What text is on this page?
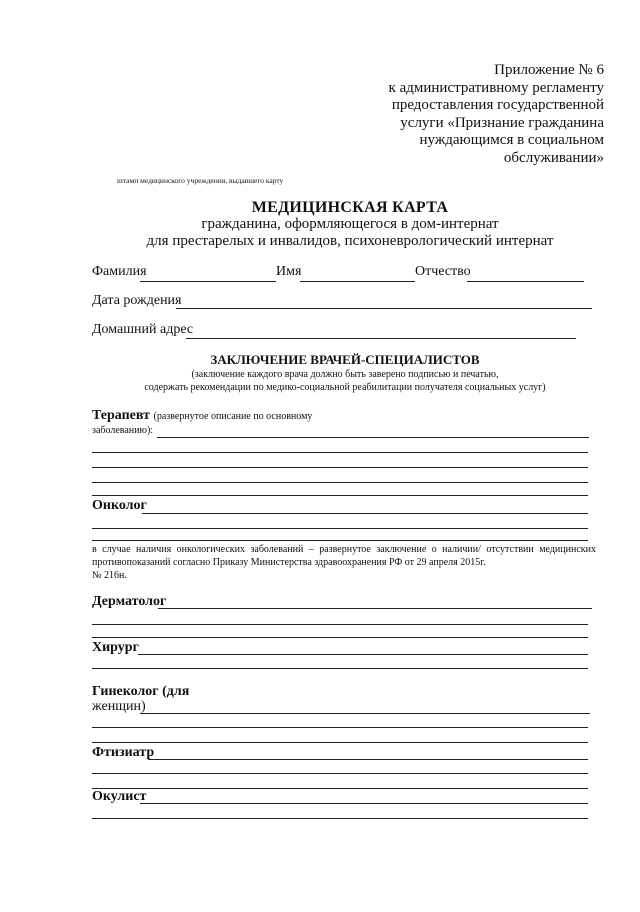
Приложение № 6
к административному регламенту
предоставления государственной
услуги «Признание гражданина
нуждающимся в социальном
обслуживании»
штамп медицинского учреждения, выдавшего карту
МЕДИЦИНСКАЯ КАРТА
гражданина, оформляющегося в дом-интернат
для престарелых и инвалидов, психоневрологический интернат
Фамилия	Имя	Отчество
Дата рождения
Домашний адрес
ЗАКЛЮЧЕНИЕ ВРАЧЕЙ-СПЕЦИАЛИСТОВ
(заключение каждого врача должно быть заверено подписью и печатью,
содержать рекомендации по медико-социальной реабилитации получателя социальных услуг)
Терапевт (развернутое описание по основному
заболеванию):
Онколог
в случае наличия онкологических заболеваний – развернутое заключение о наличии/ отсутствии медицинских противопоказаний согласно Приказу Министерства здравоохранения РФ от 29 апреля 2015г.
№ 216н.
Дерматолог
Хирург
Гинеколог (для
женщин)
Фтизиатр
Окулист
